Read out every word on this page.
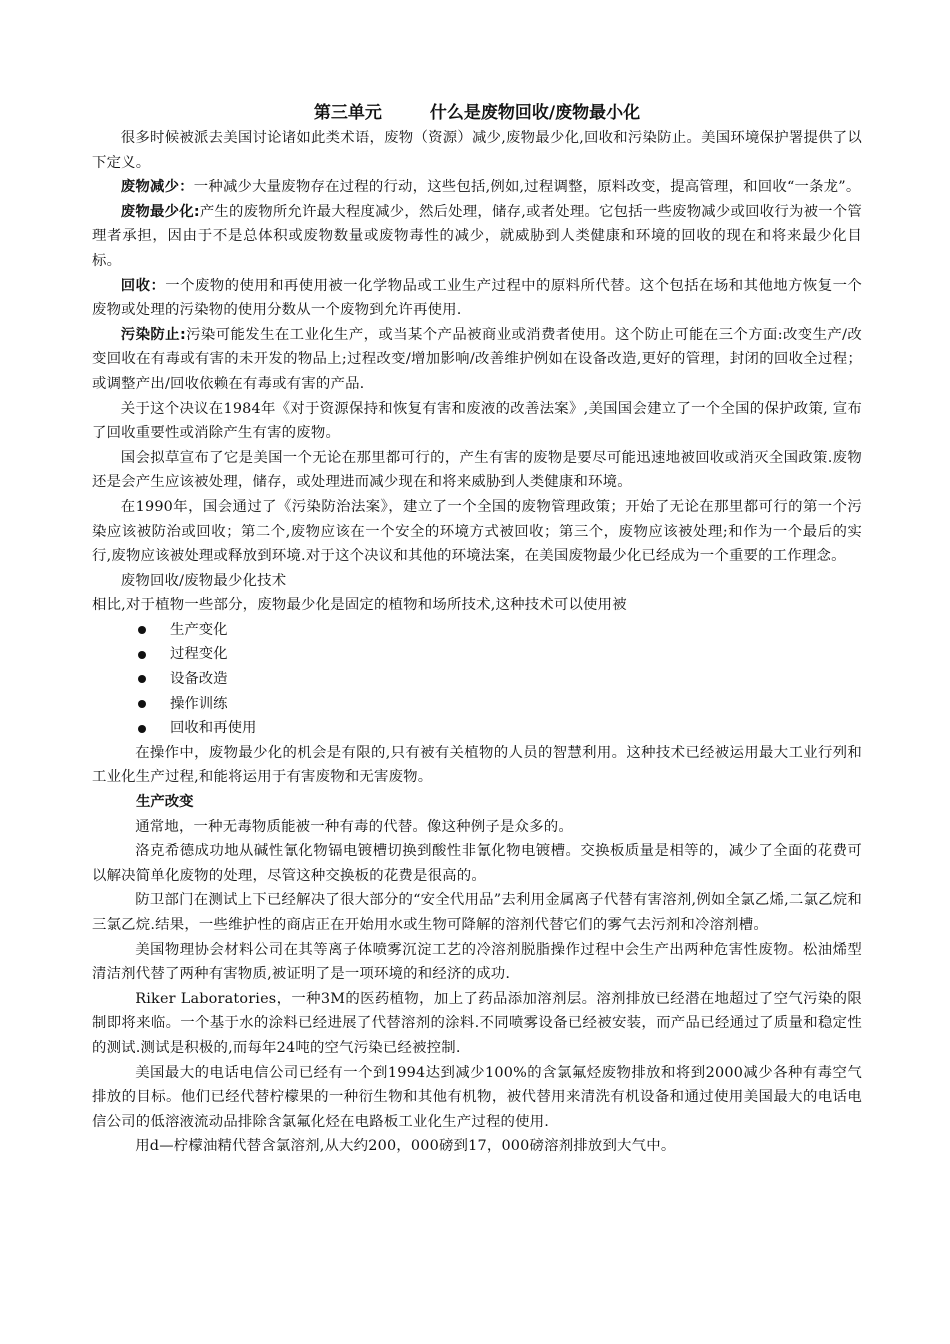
第三单元	什么是废物回收/废物最小化

很多时候被派去美国讨论诸如此类术语，废物（资源）减少,废物最少化,回收和污染防止。美国环境保护署提供了以下定义。

废物减少：一种减少大量废物存在过程的行动，这些包括,例如,过程调整，原料改变，提高管理，和回收“一条龙”。

废物最少化:产生的废物所允许最大程度减少，然后处理，储存,或者处理。它包括一些废物减少或回收行为被一个管理者承担，因由于不是总体积或废物数量或废物毒性的减少，就威胁到人类健康和环境的回收的现在和将来最少化目标。

回收：一个废物的使用和再使用被一化学物品或工业生产过程中的原料所代替。这个包括在场和其他地方恢复一个废物或处理的污染物的使用分数从一个废物到允许再使用.

污染防止:污染可能发生在工业化生产，或当某个产品被商业或消费者使用。这个防止可能在三个方面:改变生产/改变回收在有毒或有害的未开发的物品上;过程改变/增加影响/改善维护例如在设备改造,更好的管理，封闭的回收全过程；或调整产出/回收依赖在有毒或有害的产品.

关于这个决议在1984年《对于资源保持和恢复有害和废液的改善法案》,美国国会建立了一个全国的保护政策, 宣布了回收重要性或消除产生有害的废物。

国会拟草宣布了它是美国一个无论在那里都可行的，产生有害的废物是要尽可能迅速地被回收或消灭全国政策.废物还是会产生应该被处理，储存，或处理进而减少现在和将来威胁到人类健康和环境。

在1990年，国会通过了《污染防治法案》，建立了一个全国的废物管理政策；开始了无论在那里都可行的第一个污染应该被防治或回收；第二个,废物应该在一个安全的环境方式被回收；第三个，废物应该被处理;和作为一个最后的实行,废物应该被处理或释放到环境.对于这个决议和其他的环境法案，在美国废物最少化已经成为一个重要的工作理念。

废物回收/废物最少化技术

相比,对于植物一些部分，废物最少化是固定的植物和场所技术,这种技术可以使用被

生产变化
过程变化
设备改造
操作训练
回收和再使用

在操作中，废物最少化的机会是有限的,只有被有关植物的人员的智慧利用。这种技术已经被运用最大工业行列和工业化生产过程,和能将运用于有害废物和无害废物。

生产改变

通常地，一种无毒物质能被一种有毒的代替。像这种例子是众多的。

洛克希德成功地从碱性氰化物镉电镀槽切换到酸性非氰化物电镀槽。交换板质量是相等的，减少了全面的花费可以解决简单化废物的处理，尽管这种交换板的花费是很高的。

防卫部门在测试上下已经解决了很大部分的“安全代用品”去利用金属离子代替有害溶剂,例如全氯乙烯,二氯乙烷和三氯乙烷.结果，一些维护性的商店正在开始用水或生物可降解的溶剂代替它们的雾气去污剂和冷溶剂槽。

美国物理协会材料公司在其等离子体喷雾沉淀工艺的冷溶剂脱脂操作过程中会生产出两种危害性废物。松油烯型清洁剂代替了两种有害物质,被证明了是一项环境的和经济的成功.

Riker Laboratories，一种3M的医药植物，加上了药品添加溶剂层。溶剂排放已经潜在地超过了空气污染的限制即将来临。一个基于水的涂料已经进展了代替溶剂的涂料.不同喷雾设备已经被安装，而产品已经通过了质量和稳定性的测试.测试是积极的,而每年24吨的空气污染已经被控制.

美国最大的电话电信公司已经有一个到1994达到减少100%的含氯氟烃废物排放和将到2000减少各种有毒空气排放的目标。他们已经代替柠檬果的一种衍生物和其他有机物，被代替用来清洗有机设备和通过使用美国最大的电话电信公司的低溶液流动品排除含氯氟化烃在电路板工业化生产过程的使用.

用d—柠檬油精代替含氯溶剂,从大约200，000磅到17，000磅溶剂排放到大气中。
